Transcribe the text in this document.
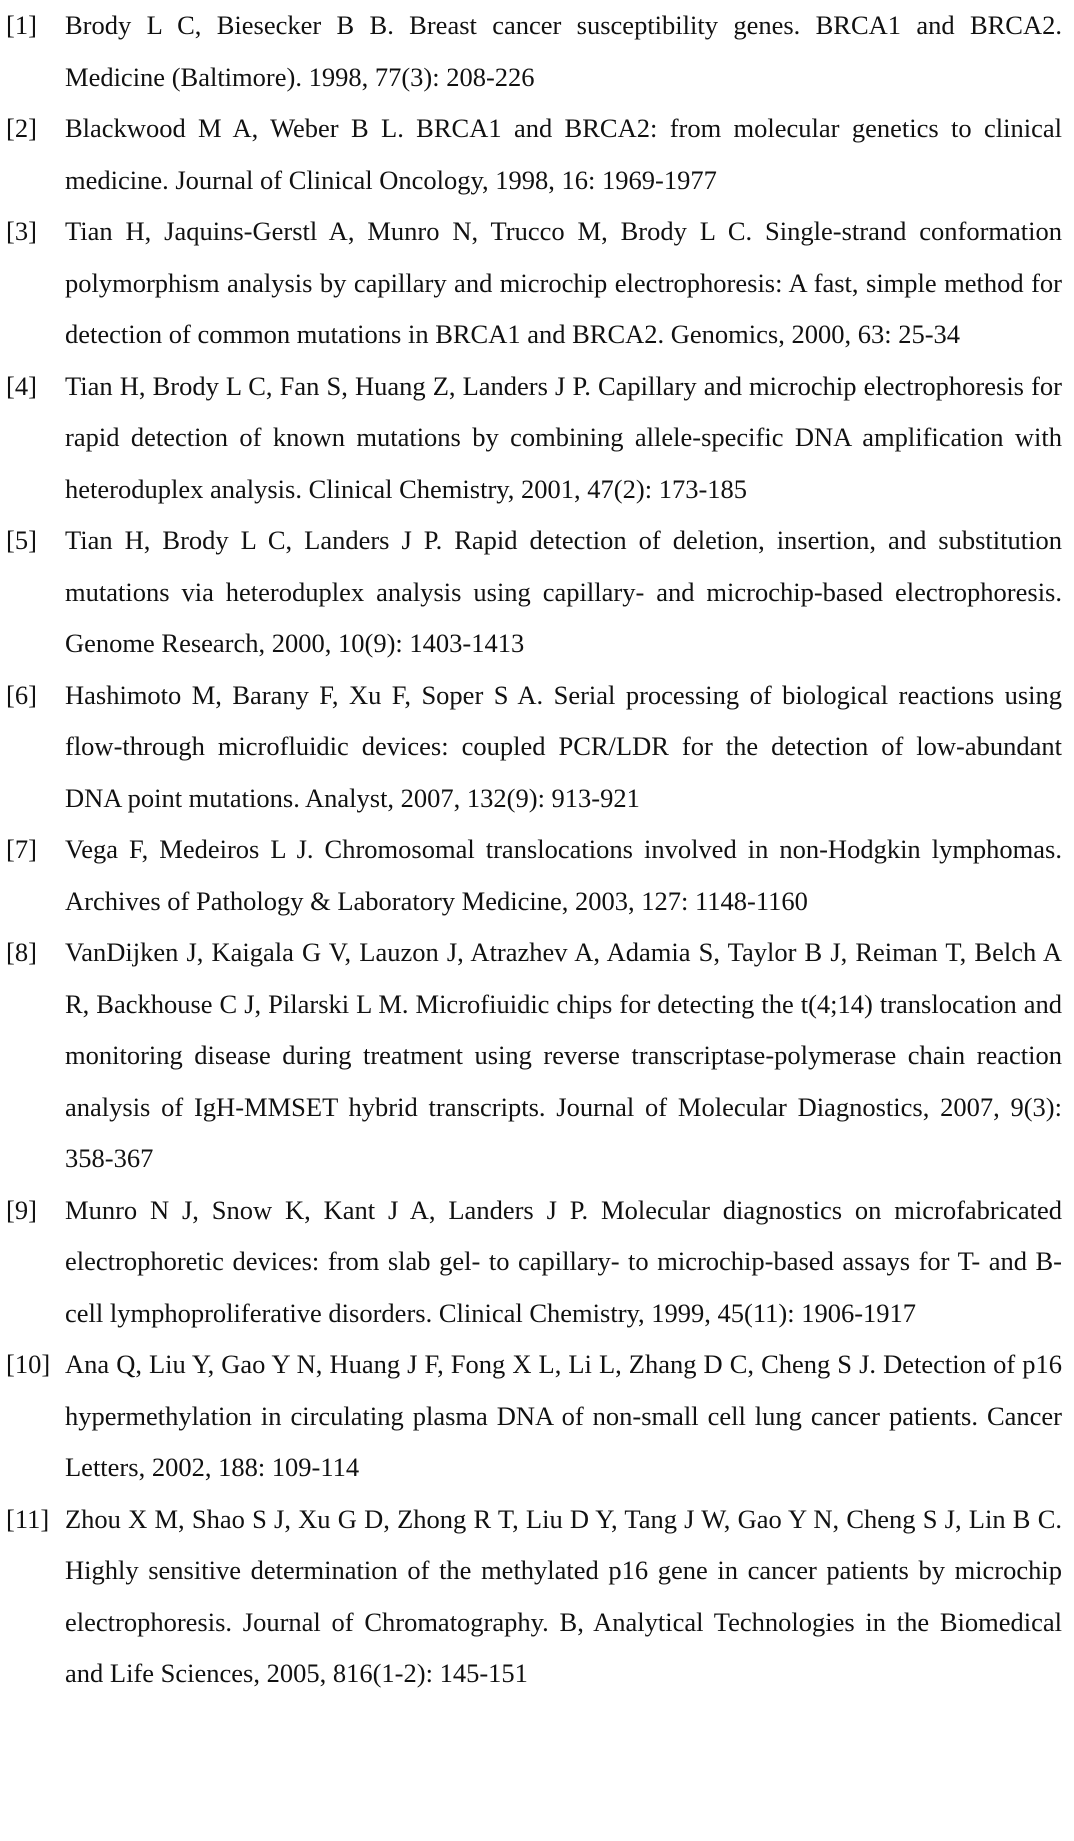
[1] Brody L C, Biesecker B B. Breast cancer susceptibility genes. BRCA1 and BRCA2. Medicine (Baltimore). 1998, 77(3): 208-226
[2] Blackwood M A, Weber B L. BRCA1 and BRCA2: from molecular genetics to clinical medicine. Journal of Clinical Oncology, 1998, 16: 1969-1977
[3] Tian H, Jaquins-Gerstl A, Munro N, Trucco M, Brody L C. Single-strand conformation polymorphism analysis by capillary and microchip electrophoresis: A fast, simple method for detection of common mutations in BRCA1 and BRCA2. Genomics, 2000, 63: 25-34
[4] Tian H, Brody L C, Fan S, Huang Z, Landers J P. Capillary and microchip electrophoresis for rapid detection of known mutations by combining allele-specific DNA amplification with heteroduplex analysis. Clinical Chemistry, 2001, 47(2): 173-185
[5] Tian H, Brody L C, Landers J P. Rapid detection of deletion, insertion, and substitution mutations via heteroduplex analysis using capillary- and microchip-based electrophoresis. Genome Research, 2000, 10(9): 1403-1413
[6] Hashimoto M, Barany F, Xu F, Soper S A. Serial processing of biological reactions using flow-through microfluidic devices: coupled PCR/LDR for the detection of low-abundant DNA point mutations. Analyst, 2007, 132(9): 913-921
[7] Vega F, Medeiros L J. Chromosomal translocations involved in non-Hodgkin lymphomas. Archives of Pathology & Laboratory Medicine, 2003, 127: 1148-1160
[8] VanDijken J, Kaigala G V, Lauzon J, Atrazhev A, Adamia S, Taylor B J, Reiman T, Belch A R, Backhouse C J, Pilarski L M. Microfiuidic chips for detecting the t(4;14) translocation and monitoring disease during treatment using reverse transcriptase-polymerase chain reaction analysis of IgH-MMSET hybrid transcripts. Journal of Molecular Diagnostics, 2007, 9(3): 358-367
[9] Munro N J, Snow K, Kant J A, Landers J P. Molecular diagnostics on microfabricated electrophoretic devices: from slab gel- to capillary- to microchip-based assays for T- and B-cell lymphoproliferative disorders. Clinical Chemistry, 1999, 45(11): 1906-1917
[10] Ana Q, Liu Y, Gao Y N, Huang J F, Fong X L, Li L, Zhang D C, Cheng S J. Detection of p16 hypermethylation in circulating plasma DNA of non-small cell lung cancer patients. Cancer Letters, 2002, 188: 109-114
[11] Zhou X M, Shao S J, Xu G D, Zhong R T, Liu D Y, Tang J W, Gao Y N, Cheng S J, Lin B C. Highly sensitive determination of the methylated p16 gene in cancer patients by microchip electrophoresis. Journal of Chromatography. B, Analytical Technologies in the Biomedical and Life Sciences, 2005, 816(1-2): 145-151
